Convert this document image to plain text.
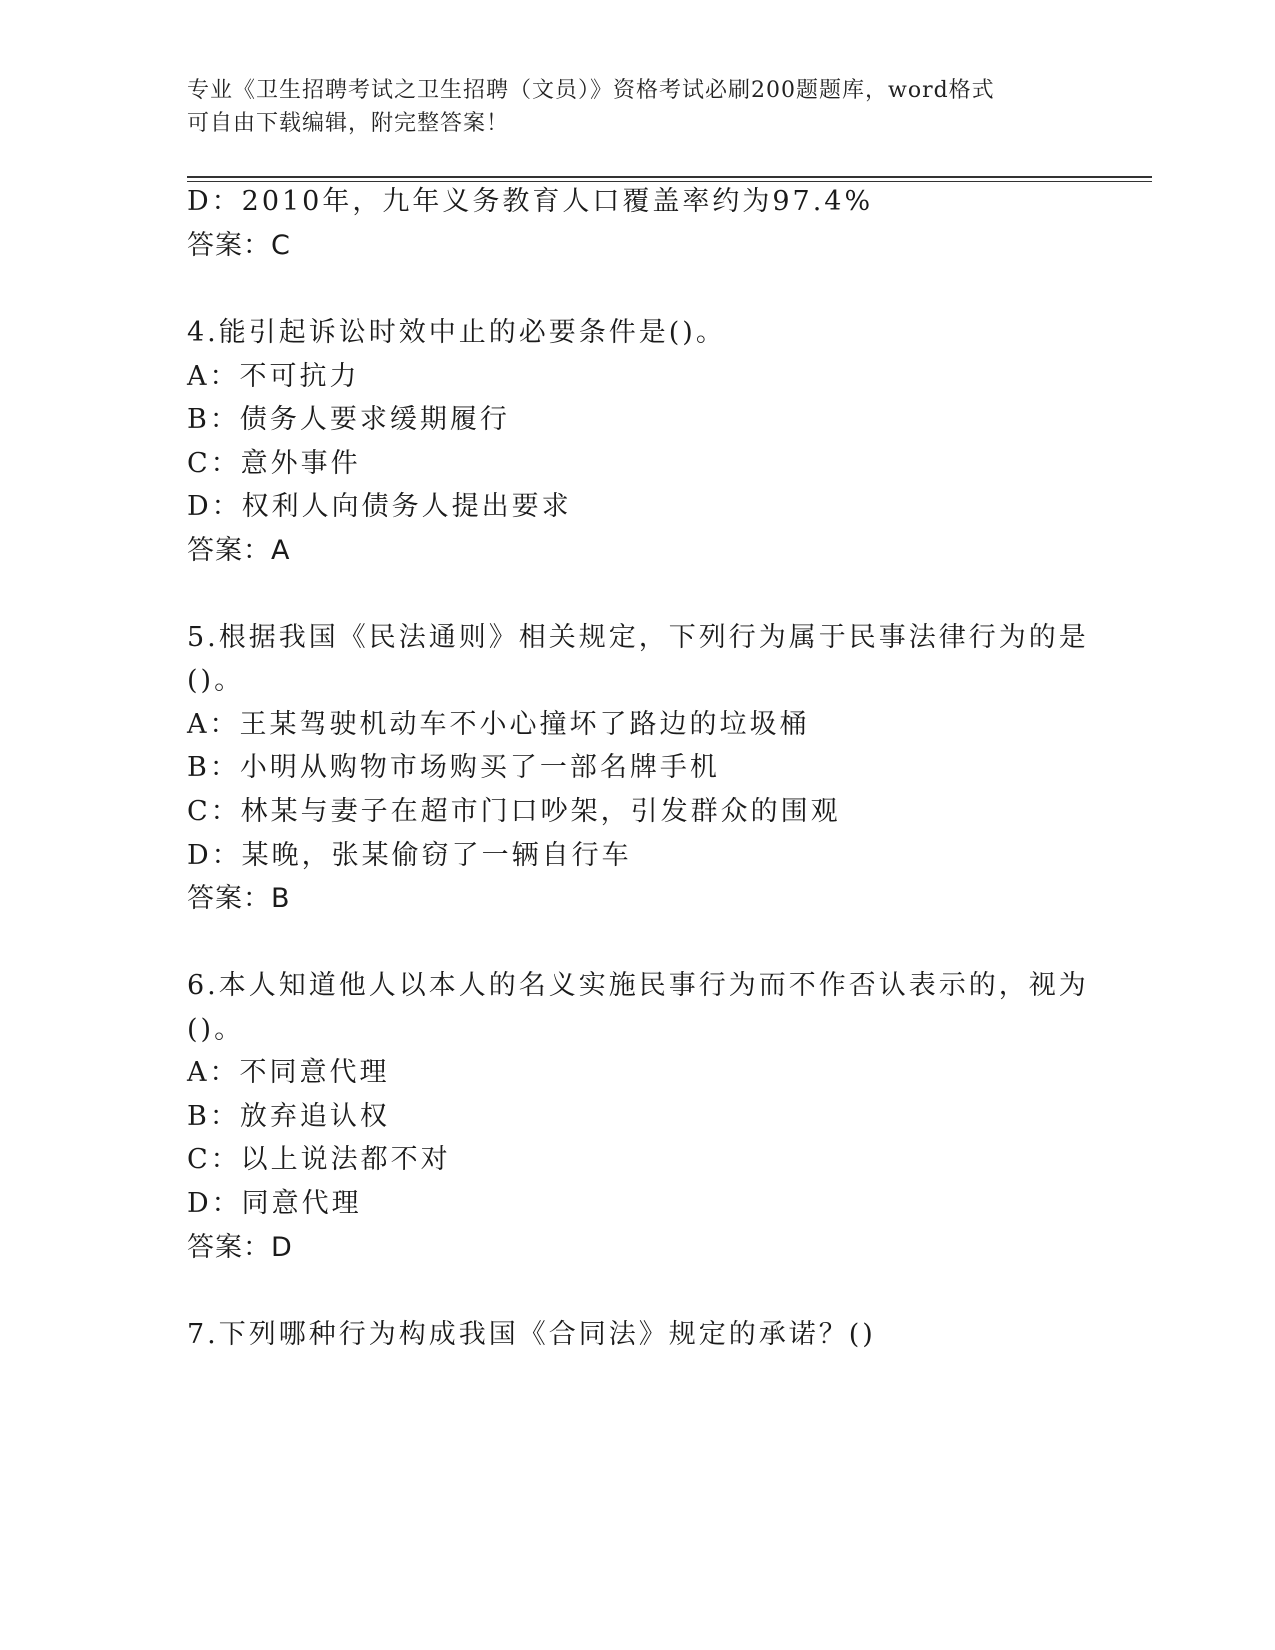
专业《卫生招聘考试之卫生招聘（文员）》资格考试必刷200题题库，word格式
可自由下载编辑，附完整答案！
D：2010年，九年义务教育人口覆盖率约为97.4%
答案：C
4.能引起诉讼时效中止的必要条件是()。
A：不可抗力
B：债务人要求缓期履行
C：意外事件
D：权利人向债务人提出要求
答案：A
5.根据我国《民法通则》相关规定，下列行为属于民事法律行为的是
()。
A：王某驾驶机动车不小心撞坏了路边的垃圾桶
B：小明从购物市场购买了一部名牌手机
C：林某与妻子在超市门口吵架，引发群众的围观
D：某晚，张某偷窃了一辆自行车
答案：B
6.本人知道他人以本人的名义实施民事行为而不作否认表示的，视为
()。
A：不同意代理
B：放弃追认权
C：以上说法都不对
D：同意代理
答案：D
7.下列哪种行为构成我国《合同法》规定的承诺？()
